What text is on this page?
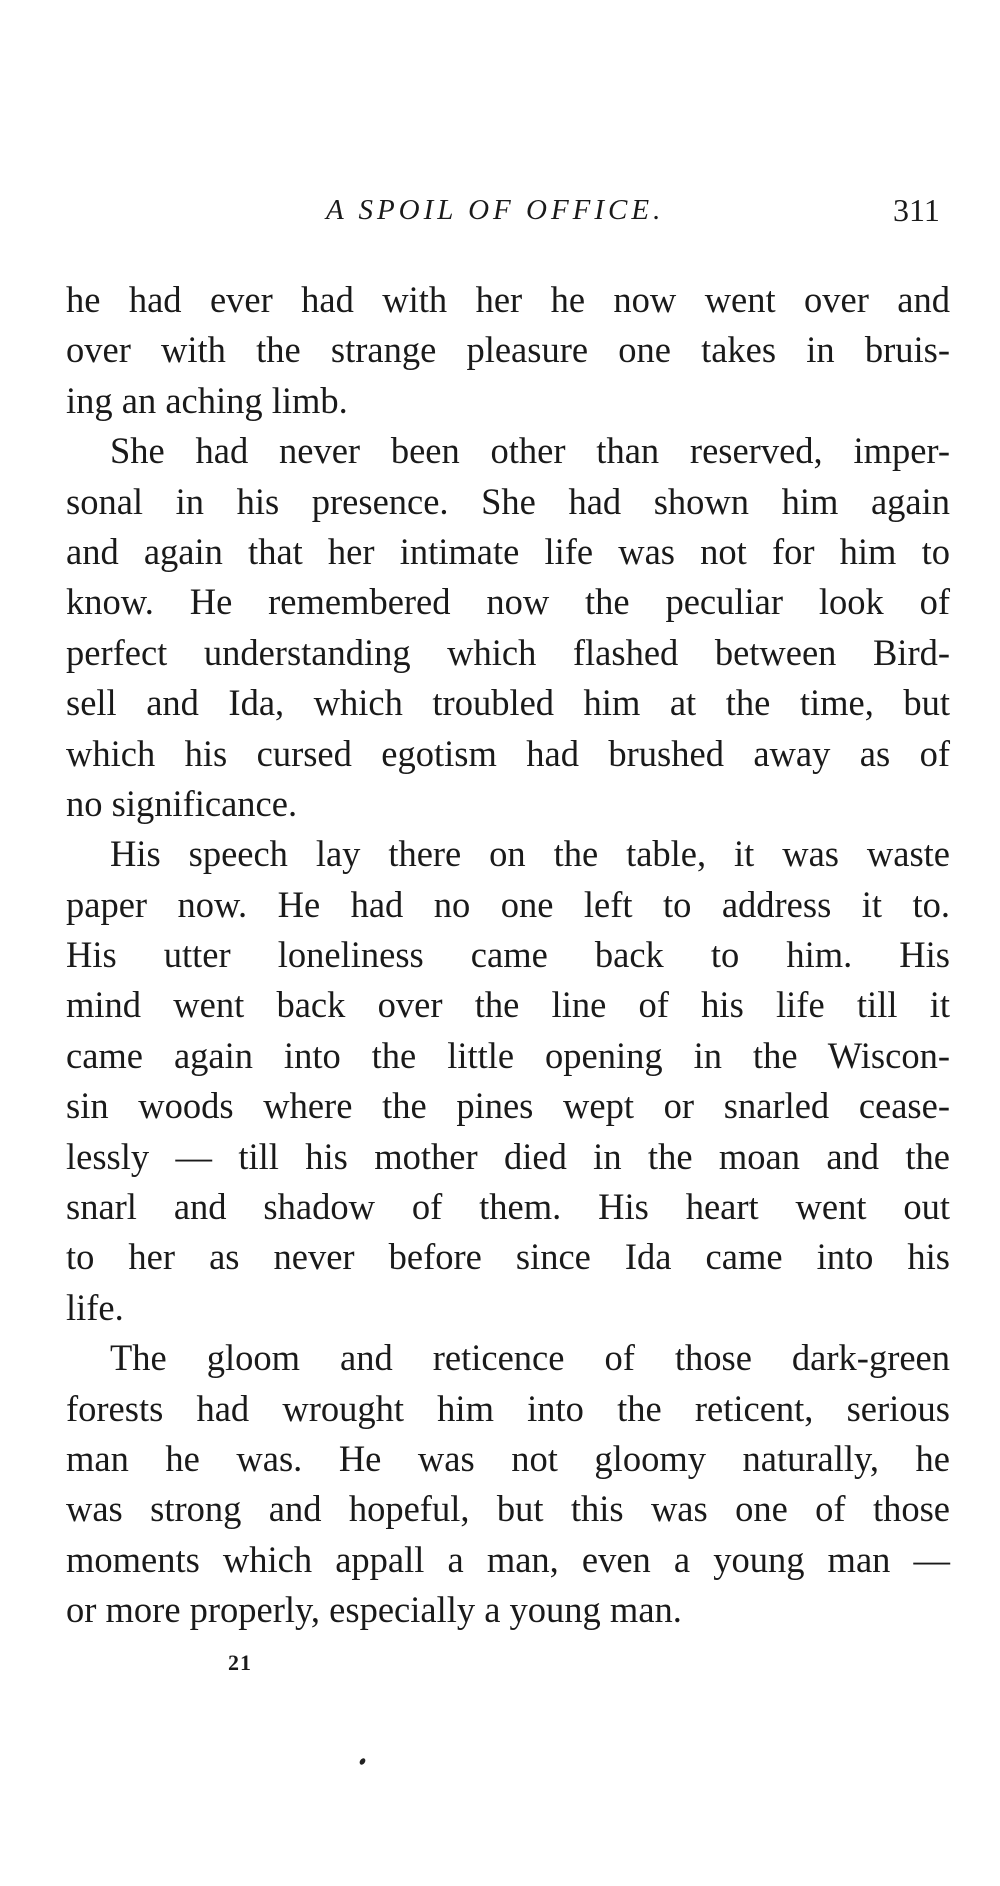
A SPOIL OF OFFICE.	311
he had ever had with her he now went over and
over with the strange pleasure one takes in bruis-
ing an aching limb.
She had never been other than reserved, imper-
sonal in his presence. She had shown him again
and again that her intimate life was not for him to
know. He remembered now the peculiar look of
perfect understanding which flashed between Bird-
sell and Ida, which troubled him at the time, but
which his cursed egotism had brushed away as of
no significance.
His speech lay there on the table, it was waste
paper now. He had no one left to address it to.
His utter loneliness came back to him. His
mind went back over the line of his life till it
came again into the little opening in the Wiscon-
sin woods where the pines wept or snarled cease-
lessly — till his mother died in the moan and the
snarl and shadow of them. His heart went out
to her as never before since Ida came into his
life.
The gloom and reticence of those dark-green
forests had wrought him into the reticent, serious
man he was. He was not gloomy naturally, he
was strong and hopeful, but this was one of those
moments which appall a man, even a young man —
or more properly, especially a young man.
21
